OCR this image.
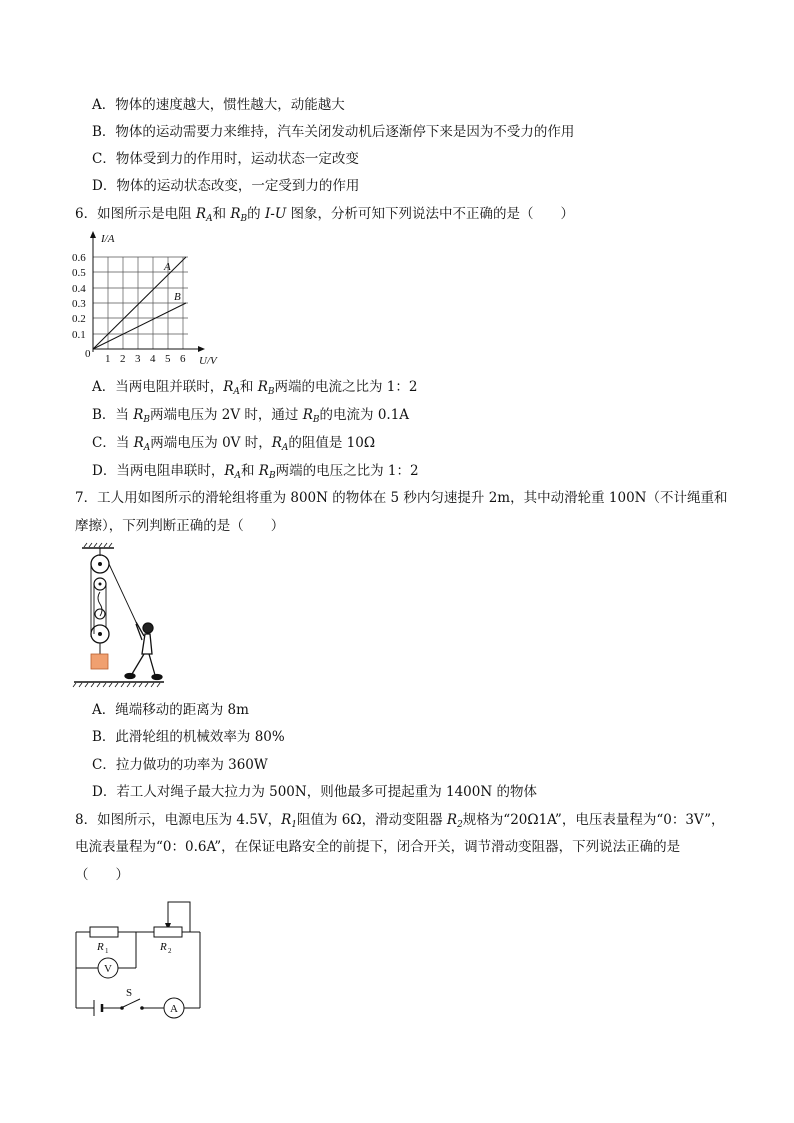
A．物体的速度越大，惯性越大，动能越大
B．物体的运动需要力来维持，汽车关闭发动机后逐渐停下来是因为不受力的作用
C．物体受到力的作用时，运动状态一定改变
D．物体的运动状态改变，一定受到力的作用
6．如图所示是电阻 $R_A$和 $R_B$的 I-U 图象，分析可知下列说法中不正确的是（　　）
I/A
U/V
A
B
0
0.6
0.5
0.4
0.3
0.2
0.1
1 2 3 4 5 6
A．当两电阻并联时，$R_A$和 $R_B$两端的电流之比为 1：2
B．当 $R_B$两端电压为 2V 时，通过 $R_B$的电流为 0.1A
C．当 $R_A$两端电压为 0V 时，$R_A$的阻值是 10Ω
D．当两电阻串联时，$R_A$和 $R_B$两端的电压之比为 1：2
7．工人用如图所示的滑轮组将重为 800N 的物体在 5 秒内匀速提升 2m，其中动滑轮重 100N（不计绳重和
摩擦），下列判断正确的是（　　）
A．绳端移动的距离为 8m
B．此滑轮组的机械效率为 80%
C．拉力做功的功率为 360W
D．若工人对绳子最大拉力为 500N，则他最多可提起重为 1400N 的物体
8．如图所示，电源电压为 4.5V，$R_1$阻值为 6Ω，滑动变阻器 $R_2$规格为“20Ω1A”，电压表量程为“0：3V”，
电流表量程为“0：0.6A”，在保证电路安全的前提下，闭合开关，调节滑动变阻器，下列说法正确的是
（　　）
R 1	R 2
V
S
A
